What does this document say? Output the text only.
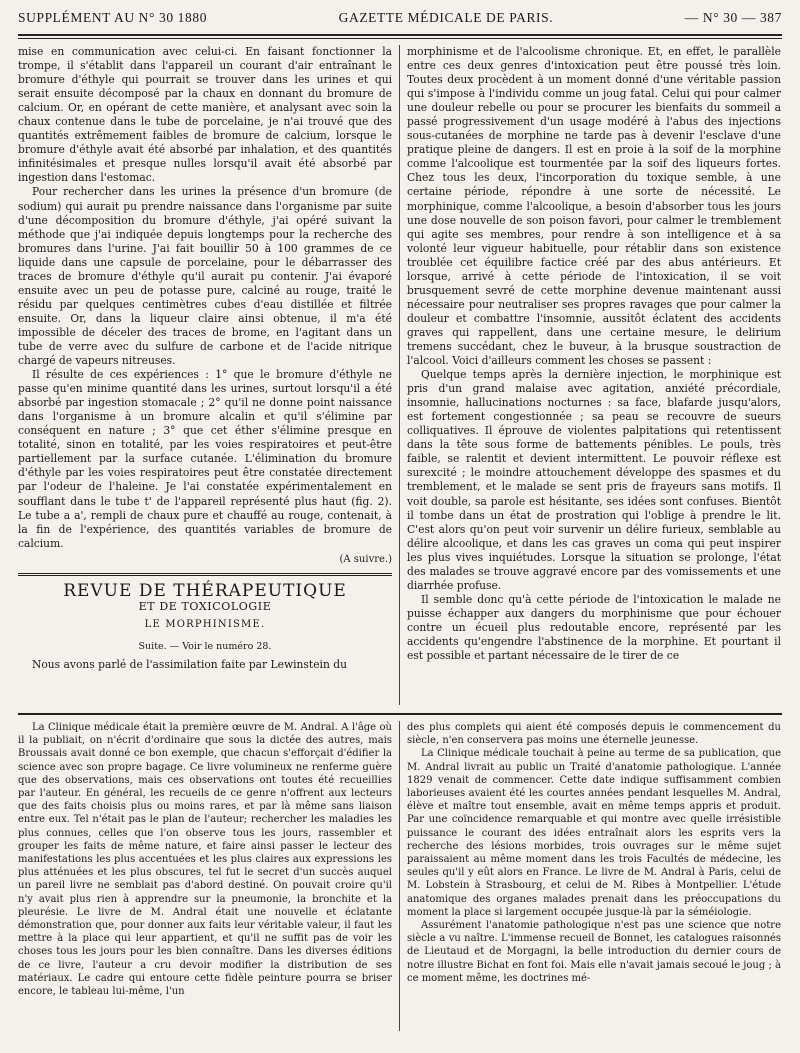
SUPPLÉMENT AU N° 30 1880	GAZETTE MÉDICALE DE PARIS.	— N° 30 — 387

mise en communication avec celui-ci. En faisant fonctionner la trompe, il s'établit dans l'appareil un courant d'air entraînant le bromure d'éthyle qui pourrait se trouver dans les urines et qui serait ensuite décomposé par la chaux en donnant du bromure de calcium. Or, en opérant de cette manière, et analysant avec soin la chaux contenue dans le tube de porcelaine, je n'ai trouvé que des quantités extrêmement faibles de bromure de calcium, lorsque le bromure d'éthyle avait été absorbé par inhalation, et des quantités infinitésimales et presque nulles lorsqu'il avait été absorbé par ingestion dans l'estomac.

Pour rechercher dans les urines la présence d'un bromure (de sodium) qui aurait pu prendre naissance dans l'organisme par suite d'une décomposition du bromure d'éthyle, j'ai opéré suivant la méthode que j'ai indiquée depuis longtemps pour la recherche des bromures dans l'urine. J'ai fait bouillir 50 à 100 grammes de ce liquide dans une capsule de porcelaine, pour le débarrasser des traces de bromure d'éthyle qu'il aurait pu contenir. J'ai évaporé ensuite avec un peu de potasse pure, calciné au rouge, traité le résidu par quelques centimètres cubes d'eau distillée et filtrée ensuite. Or, dans la liqueur claire ainsi obtenue, il m'a été impossible de déceler des traces de brome, en l'agitant dans un tube de verre avec du sulfure de carbone et de l'acide nitrique chargé de vapeurs nitreuses.

Il résulte de ces expériences : 1° que le bromure d'éthyle ne passe qu'en minime quantité dans les urines, surtout lorsqu'il a été absorbé par ingestion stomacale ; 2° qu'il ne donne point naissance dans l'organisme à un bromure alcalin et qu'il s'élimine par conséquent en nature ; 3° que cet éther s'élimine presque en totalité, sinon en totalité, par les voies respiratoires et peut-être partiellement par la surface cutanée. L'élimination du bromure d'éthyle par les voies respiratoires peut être constatée directement par l'odeur de l'haleine. Je l'ai constatée expérimentalement en soufflant dans le tube t' de l'appareil représenté plus haut (fig. 2). Le tube a a', rempli de chaux pure et chauffé au rouge, contenait, à la fin de l'expérience, des quantités variables de bromure de calcium.

(A suivre.)
REVUE DE THÉRAPEUTIQUE
ET DE TOXICOLOGIE
LE MORPHINISME.
Suite. — Voir le numéro 28.

Nous avons parlé de l'assimilation faite par Lewinstein du

morphinisme et de l'alcoolisme chronique. Et, en effet, le parallèle entre ces deux genres d'intoxication peut être poussé très loin. Toutes deux procèdent à un moment donné d'une véritable passion qui s'impose à l'individu comme un joug fatal. Celui qui pour calmer une douleur rebelle ou pour se procurer les bienfaits du sommeil a passé progressivement d'un usage modéré à l'abus des injections sous-cutanées de morphine ne tarde pas à devenir l'esclave d'une pratique pleine de dangers. Il est en proie à la soif de la morphine comme l'alcoolique est tourmentée par la soif des liqueurs fortes. Chez tous les deux, l'incorporation du toxique semble, à une certaine période, répondre à une sorte de nécessité. Le morphinique, comme l'alcoolique, a besoin d'absorber tous les jours une dose nouvelle de son poison favori, pour calmer le tremblement qui agite ses membres, pour rendre à son intelligence et à sa volonté leur vigueur habituelle, pour rétablir dans son existence troublée cet équilibre factice créé par des abus antérieurs. Et lorsque, arrivé à cette période de l'intoxication, il se voit brusquement sevré de cette morphine devenue maintenant aussi nécessaire pour neutraliser ses propres ravages que pour calmer la douleur et combattre l'insomnie, aussitôt éclatent des accidents graves qui rappellent, dans une certaine mesure, le delirium tremens succédant, chez le buveur, à la brusque soustraction de l'alcool. Voici d'ailleurs comment les choses se passent :

Quelque temps après la dernière injection, le morphinique est pris d'un grand malaise avec agitation, anxiété précordiale, insomnie, hallucinations nocturnes : sa face, blafarde jusqu'alors, est fortement congestionnée ; sa peau se recouvre de sueurs colliquatives. Il éprouve de violentes palpitations qui retentissent dans la tête sous forme de battements pénibles. Le pouls, très faible, se ralentit et devient intermittent. Le pouvoir réflexe est surexcité ; le moindre attouchement développe des spasmes et du tremblement, et le malade se sent pris de frayeurs sans motifs. Il voit double, sa parole est hésitante, ses idées sont confuses. Bientôt il tombe dans un état de prostration qui l'oblige à prendre le lit. C'est alors qu'on peut voir survenir un délire furieux, semblable au délire alcoolique, et dans les cas graves un coma qui peut inspirer les plus vives inquiétudes. Lorsque la situation se prolonge, l'état des malades se trouve aggravé encore par des vomissements et une diarrhée profuse.

Il semble donc qu'à cette période de l'intoxication le malade ne puisse échapper aux dangers du morphinisme que pour échouer contre un écueil plus redoutable encore, représenté par les accidents qu'engendre l'abstinence de la morphine. Et pourtant il est possible et partant nécessaire de le tirer de ce

La Clinique médicale était la première œuvre de M. Andral. A l'âge où il la publiait, on n'écrit d'ordinaire que sous la dictée des autres, mais Broussais avait donné ce bon exemple, que chacun s'efforçait d'édifier la science avec son propre bagage. Ce livre volumineux ne renferme guère que des observations, mais ces observations ont toutes été recueillies par l'auteur. En général, les recueils de ce genre n'offrent aux lecteurs que des faits choisis plus ou moins rares, et par là même sans liaison entre eux. Tel n'était pas le plan de l'auteur; rechercher les maladies les plus connues, celles que l'on observe tous les jours, rassembler et grouper les faits de même nature, et faire ainsi passer le lecteur des manifestations les plus accentuées et les plus claires aux expressions les plus atténuées et les plus obscures, tel fut le secret d'un succès auquel un pareil livre ne semblait pas d'abord destiné. On pouvait croire qu'il n'y avait plus rien à apprendre sur la pneumonie, la bronchite et la pleurésie. Le livre de M. Andral était une nouvelle et éclatante démonstration que, pour donner aux faits leur véritable valeur, il faut les mettre à la place qui leur appartient, et qu'il ne suffit pas de voir les choses tous les jours pour les bien connaître. Dans les diverses éditions de ce livre, l'auteur a cru devoir modifier la distribution de ses matériaux. Le cadre qui entoure cette fidèle peinture pourra se briser encore, le tableau lui-même, l'un

des plus complets qui aient été composés depuis le commencement du siècle, n'en conservera pas moins une éternelle jeunesse.

La Clinique médicale touchait à peine au terme de sa publication, que M. Andral livrait au public un Traité d'anatomie pathologique. L'année 1829 venait de commencer. Cette date indique suffisamment combien laborieuses avaient été les courtes années pendant lesquelles M. Andral, élève et maître tout ensemble, avait en même temps appris et produit. Par une coïncidence remarquable et qui montre avec quelle irrésistible puissance le courant des idées entraînait alors les esprits vers la recherche des lésions morbides, trois ouvrages sur le même sujet paraissaient au même moment dans les trois Facultés de médecine, les seules qu'il y eût alors en France. Le livre de M. Andral à Paris, celui de M. Lobstein à Strasbourg, et celui de M. Ribes à Montpellier. L'étude anatomique des organes malades prenait dans les préoccupations du moment la place si largement occupée jusque-là par la séméiologie.

Assurément l'anatomie pathologique n'est pas une science que notre siècle a vu naître. L'immense recueil de Bonnet, les catalogues raisonnés de Lieutaud et de Morgagni, la belle introduction du dernier cours de notre illustre Bichat en font foi. Mais elle n'avait jamais secoué le joug ; à ce moment même, les doctrines mé-
